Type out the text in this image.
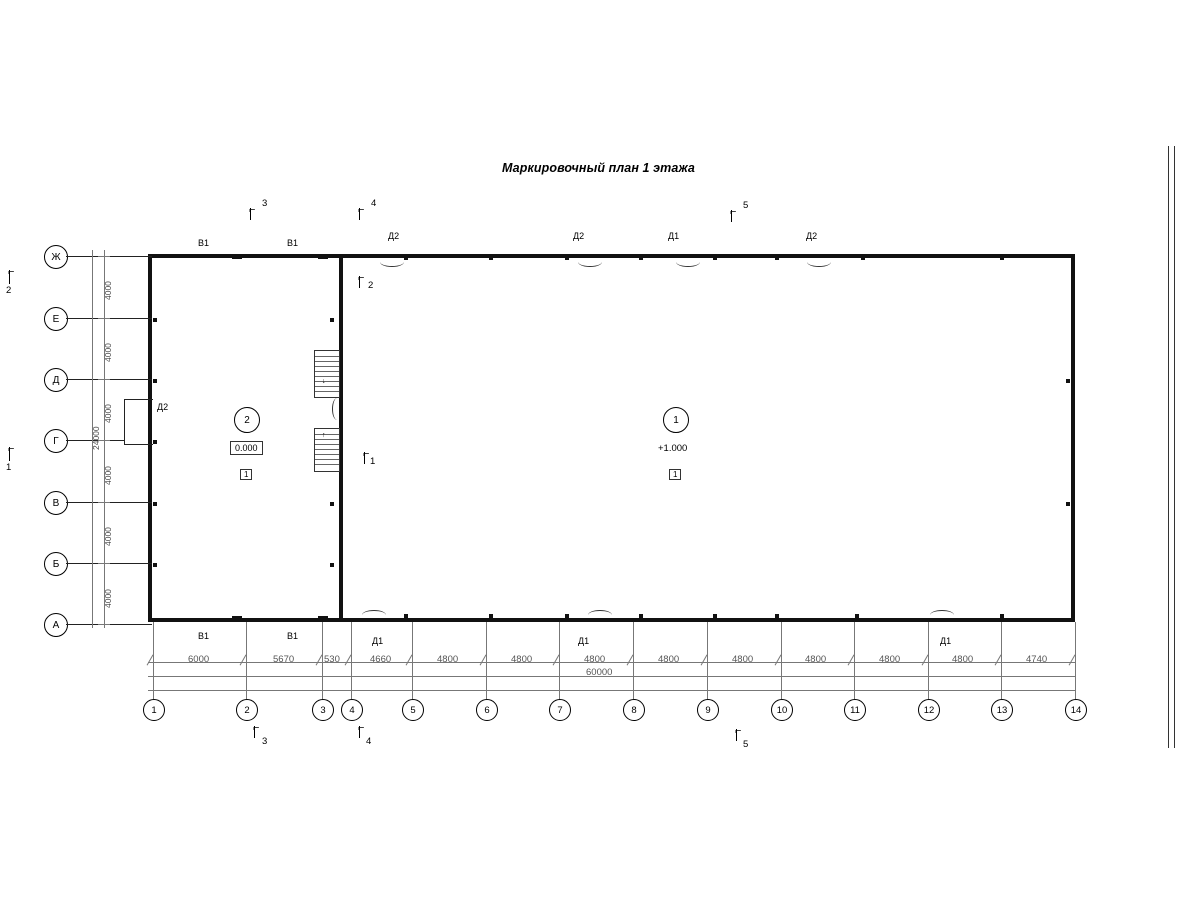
Маркировочный план 1 этажа
↓
↑
Ж
Е
Д
Г
В
Б
А
4000
4000
4000
4000
4000
4000
24000
1	2	3 4	5	6	7	8	9	10	11	12	13	14
6000	5670	530	4660	4800	4800	4800	4800	4800	4800	4800	4800	4740
60000
В1	В1
Д2	Д2	Д1	Д2
В1	В1	Д1	Д1	Д1
Д2
2
0.000
1
1
+1.000
1
⌐
3
⌐
4
⌐
5
⌐
2
⌐
1
⌐
2
⌐
1
⌐
3
⌐
4
⌐
5
